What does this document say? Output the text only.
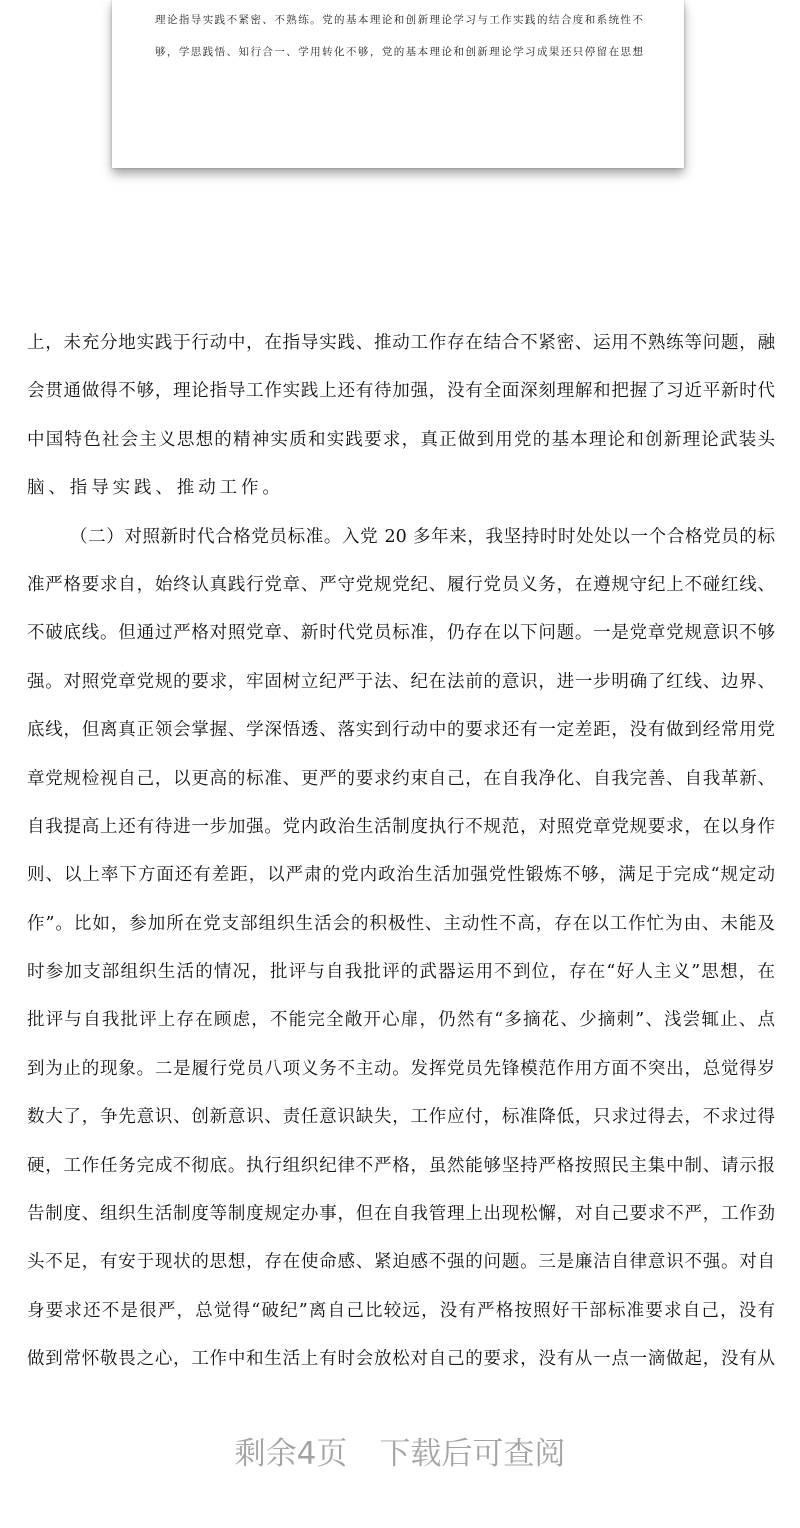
理论指导实践不紧密、不熟练。党的基本理论和创新理论学习与工作实践的结合度和系统性不
够，学思践悟、知行合一、学用转化不够，党的基本理论和创新理论学习成果还只停留在思想
上，未充分地实践于行动中，在指导实践、推动工作存在结合不紧密、运用不熟练等问题，融
会贯通做得不够，理论指导工作实践上还有待加强，没有全面深刻理解和把握了习近平新时代
中国特色社会主义思想的精神实质和实践要求，真正做到用党的基本理论和创新理论武装头
脑、指导实践、推动工作。
（二）对照新时代合格党员标准。入党 20 多年来，我坚持时时处处以一个合格党员的标
准严格要求自，始终认真践行党章、严守党规党纪、履行党员义务，在遵规守纪上不碰红线、
不破底线。但通过严格对照党章、新时代党员标准，仍存在以下问题。一是党章党规意识不够
强。对照党章党规的要求，牢固树立纪严于法、纪在法前的意识，进一步明确了红线、边界、
底线，但离真正领会掌握、学深悟透、落实到行动中的要求还有一定差距，没有做到经常用党
章党规检视自己，以更高的标准、更严的要求约束自己，在自我净化、自我完善、自我革新、
自我提高上还有待进一步加强。党内政治生活制度执行不规范，对照党章党规要求，在以身作
则、以上率下方面还有差距，以严肃的党内政治生活加强党性锻炼不够，满足于完成“规定动
作”。比如，参加所在党支部组织生活会的积极性、主动性不高，存在以工作忙为由、未能及
时参加支部组织生活的情况，批评与自我批评的武器运用不到位，存在“好人主义”思想，在
批评与自我批评上存在顾虑，不能完全敞开心扉，仍然有“多摘花、少摘刺”、浅尝辄止、点
到为止的现象。二是履行党员八项义务不主动。发挥党员先锋模范作用方面不突出，总觉得岁
数大了，争先意识、创新意识、责任意识缺失，工作应付，标准降低，只求过得去，不求过得
硬，工作任务完成不彻底。执行组织纪律不严格，虽然能够坚持严格按照民主集中制、请示报
告制度、组织生活制度等制度规定办事，但在自我管理上出现松懈，对自己要求不严，工作劲
头不足，有安于现状的思想，存在使命感、紧迫感不强的问题。三是廉洁自律意识不强。对自
身要求还不是很严，总觉得“破纪”离自己比较远，没有严格按照好干部标准要求自己，没有
做到常怀敬畏之心，工作中和生活上有时会放松对自己的要求，没有从一点一滴做起，没有从
剩余4页 下载后可查阅
